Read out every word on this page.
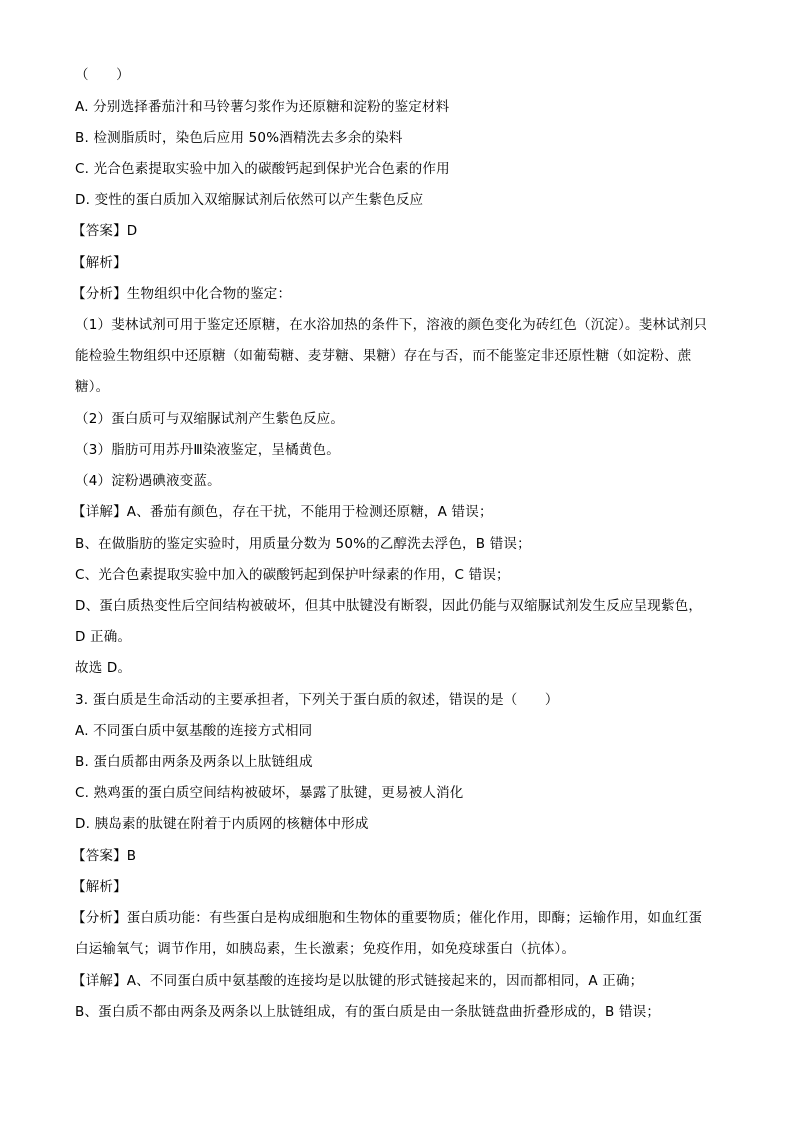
（　　）
A. 分别选择番茄汁和马铃薯匀浆作为还原糖和淀粉的鉴定材料
B. 检测脂质时，染色后应用 50%酒精洗去多余的染料
C. 光合色素提取实验中加入的碳酸钙起到保护光合色素的作用
D. 变性的蛋白质加入双缩脲试剂后依然可以产生紫色反应
【答案】D
【解析】
【分析】生物组织中化合物的鉴定：
（1）斐林试剂可用于鉴定还原糖，在水浴加热的条件下，溶液的颜色变化为砖红色（沉淀）。斐林试剂只
能检验生物组织中还原糖（如葡萄糖、麦芽糖、果糖）存在与否，而不能鉴定非还原性糖（如淀粉、蔗
糖）。
（2）蛋白质可与双缩脲试剂产生紫色反应。
（3）脂肪可用苏丹Ⅲ染液鉴定，呈橘黄色。
（4）淀粉遇碘液变蓝。
【详解】A、番茄有颜色，存在干扰，不能用于检测还原糖，A 错误；
B、在做脂肪的鉴定实验时，用质量分数为 50%的乙醇洗去浮色，B 错误；
C、光合色素提取实验中加入的碳酸钙起到保护叶绿素的作用，C 错误；
D、蛋白质热变性后空间结构被破坏，但其中肽键没有断裂，因此仍能与双缩脲试剂发生反应呈现紫色，
D 正确。
故选 D。
3. 蛋白质是生命活动的主要承担者，下列关于蛋白质的叙述，错误的是（　　）
A. 不同蛋白质中氨基酸的连接方式相同
B. 蛋白质都由两条及两条以上肽链组成
C. 熟鸡蛋的蛋白质空间结构被破坏，暴露了肽键，更易被人消化
D. 胰岛素的肽键在附着于内质网的核糖体中形成
【答案】B
【解析】
【分析】蛋白质功能：有些蛋白是构成细胞和生物体的重要物质；催化作用，即酶；运输作用，如血红蛋
白运输氧气；调节作用，如胰岛素，生长激素；免疫作用，如免疫球蛋白（抗体）。
【详解】A、不同蛋白质中氨基酸的连接均是以肽键的形式链接起来的，因而都相同，A 正确；
B、蛋白质不都由两条及两条以上肽链组成，有的蛋白质是由一条肽链盘曲折叠形成的，B 错误；
